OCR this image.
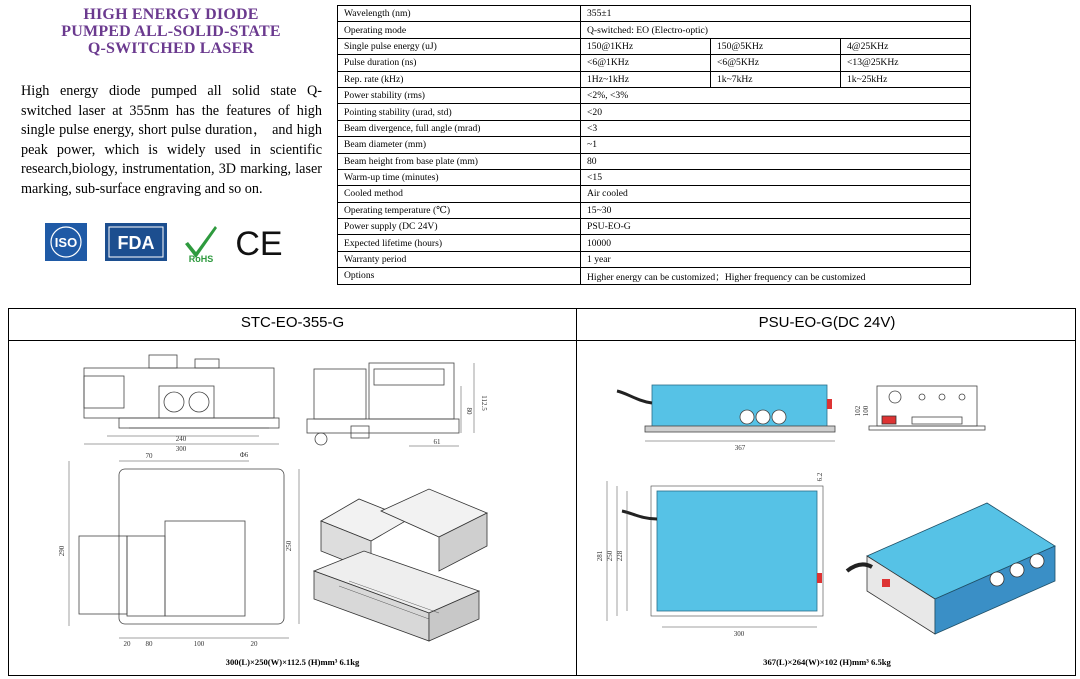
HIGH ENERGY DIODE
PUMPED ALL-SOLID-STATE
Q-SWITCHED LASER
High energy diode pumped all solid state Q-switched laser at 355nm has the features of high single pulse energy, short pulse duration， and high peak power, which is widely used in scientific research,biology, instrumentation, 3D marking, laser marking, sub-surface engraving and so on.
ISO FDA
RoHS CE
Wavelength (nm)	355±1		
Operating mode	Q-switched: EO (Electro-optic)		
Single pulse energy (uJ)	150@1KHz	150@5KHz	4@25KHz
Pulse duration (ns)	<6@1KHz	<6@5KHz	<13@25KHz
Rep. rate (kHz)	1Hz~1kHz	1k~7kHz	1k~25kHz
Power stability (rms)	<2%, <3%		
Pointing stability (urad, std)	<20		
Beam divergence, full angle (mrad)	<3		
Beam diameter (mm)	~1		
Beam height from base plate (mm)	80		
Warm-up time (minutes)	<15		
Cooled method	Air cooled		
Operating temperature (℃)	15~30		
Power supply (DC 24V)	PSU-EO-G		
Expected lifetime (hours)	10000		
Warranty period	1 year		
Options	Higher energy can be customized；Higher frequency can be customized		
STC-EO-355-G	PSU-EO-G(DC 24V)
300(L)×250(W)×112.5 (H)mm³ 6.1kg	367(L)×264(W)×102 (H)mm³ 6.5kg
240
300
112.5
80
61
70	Φ6
290	250
20 80	100	20
367
102 100
6.2
281 250 228
300
